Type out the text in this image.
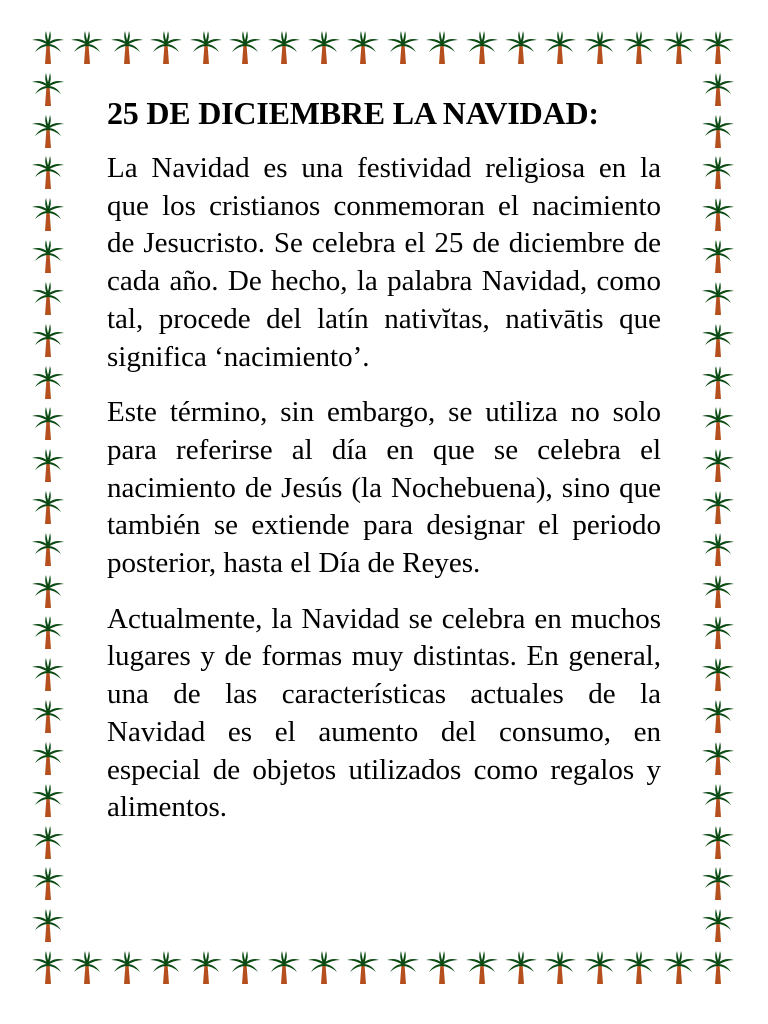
25 DE DICIEMBRE LA NAVIDAD:

La Navidad es una festividad religiosa en la que los cristianos conmemoran el nacimiento de Jesucristo. Se celebra el 25 de diciembre de cada año. De hecho, la palabra Navidad, como tal, procede del latín nativĭtas, nativātis que significa ‘nacimiento’.

Este término, sin embargo, se utiliza no solo para referirse al día en que se celebra el nacimiento de Jesús (la Nochebuena), sino que también se extiende para designar el periodo posterior, hasta el Día de Reyes.

Actualmente, la Navidad se celebra en muchos lugares y de formas muy distintas. En general, una de las características actuales de la Navidad es el aumento del consumo, en especial de objetos utilizados como regalos y alimentos.
